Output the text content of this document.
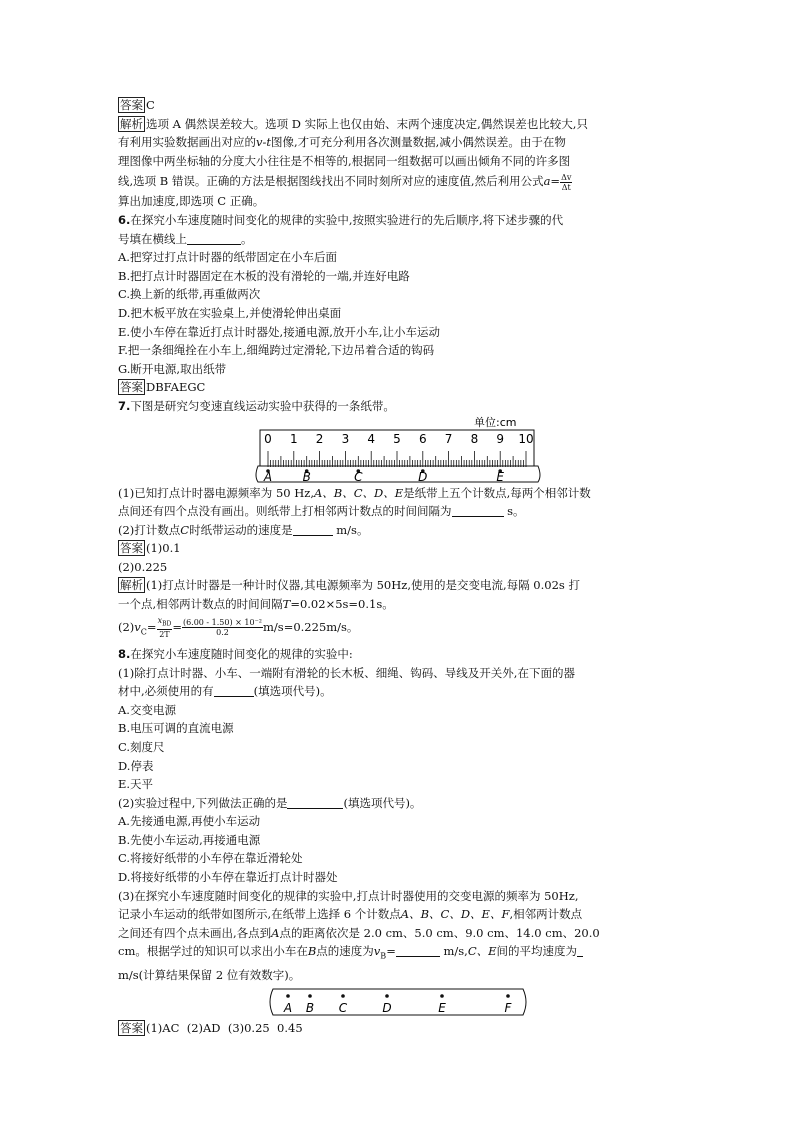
答案 C
解析 选项 A 偶然误差较大。选项 D 实际上也仅由始、末两个速度决定,偶然误差也比较大,只
有利用实验数据画出对应的v-t图像,才可充分利用各次测量数据,减小偶然误差。由于在物
理图像中两坐标轴的分度大小往往是不相等的,根据同一组数据可以画出倾角不同的许多图
线,选项 B 错误。正确的方法是根据图线找出不同时刻所对应的速度值,然后利用公式$a= \frac{\Delta v}{\Delta t}$
算出加速度,即选项 C 正确。
6.在探究小车速度随时间变化的规律的实验中,按照实验进行的先后顺序,将下述步骤的代
号填在横线上	。
A.把穿过打点计时器的纸带固定在小车后面
B.把打点计时器固定在木板的没有滑轮的一端,并连好电路
C.换上新的纸带,再重做两次
D.把木板平放在实验桌上,并使滑轮伸出桌面
E.使小车停在靠近打点计时器处,接通电源,放开小车,让小车运动
F.把一条细绳拴在小车上,细绳跨过定滑轮,下边吊着合适的钩码
G.断开电源,取出纸带
答案 DBFAEGC
7.下图是研究匀变速直线运动实验中获得的一条纸带。
单位:cm
0 1 2 3 4 5 6 7 8 9 10
A	B	C	D	E
(1)已知打点计时器电源频率为 50 Hz,A、B、C、D、E是纸带上五个计数点,每两个相邻计数
点间还有四个点没有画出。则纸带上打相邻两计数点的时间间隔为	s。
(2)打计数点C时纸带运动的速度是	m/s。
答案 (1)0.1
(2)0.225
解析 (1)打点计时器是一种计时仪器,其电源频率为 50Hz,使用的是交变电流,每隔 0.02s 打
一个点,相邻两计数点的时间间隔T=0.02×5s=0.1s。
$(2)v_C= \frac{x_{BD}}{2T} = \frac{\text{(6.00 - 1.50) × 10⁻²}}{0.2} m/s=0.225m/s$。
8.在探究小车速度随时间变化的规律的实验中:
(1)除打点计时器、小车、一端附有滑轮的长木板、细绳、钩码、导线及开关外,在下面的器
材中,必须使用的有	(填选项代号)。
A.交变电源
B.电压可调的直流电源
C.刻度尺
D.停表
E.天平
(2)实验过程中,下列做法正确的是	(填选项代号)。
A.先接通电源,再使小车运动
B.先使小车运动,再接通电源
C.将接好纸带的小车停在靠近滑轮处
D.将接好纸带的小车停在靠近打点计时器处
(3)在探究小车速度随时间变化的规律的实验中,打点计时器使用的交变电源的频率为 50Hz,
记录小车运动的纸带如图所示,在纸带上选择 6 个计数点A、B、C、D、E、F,相邻两计数点
之间还有四个点未画出,各点到A点的距离依次是 2.0 cm、5.0 cm、9.0 cm、14.0 cm、20.0
cm。根据学过的知识可以求出小车在B点的速度为$v_B=$	m/s,C、E间的平均速度为
m/s(计算结果保留 2 位有效数字)。
A B C	D	E	F
答案 (1)AC  (2)AD  (3)0.25  0.45
